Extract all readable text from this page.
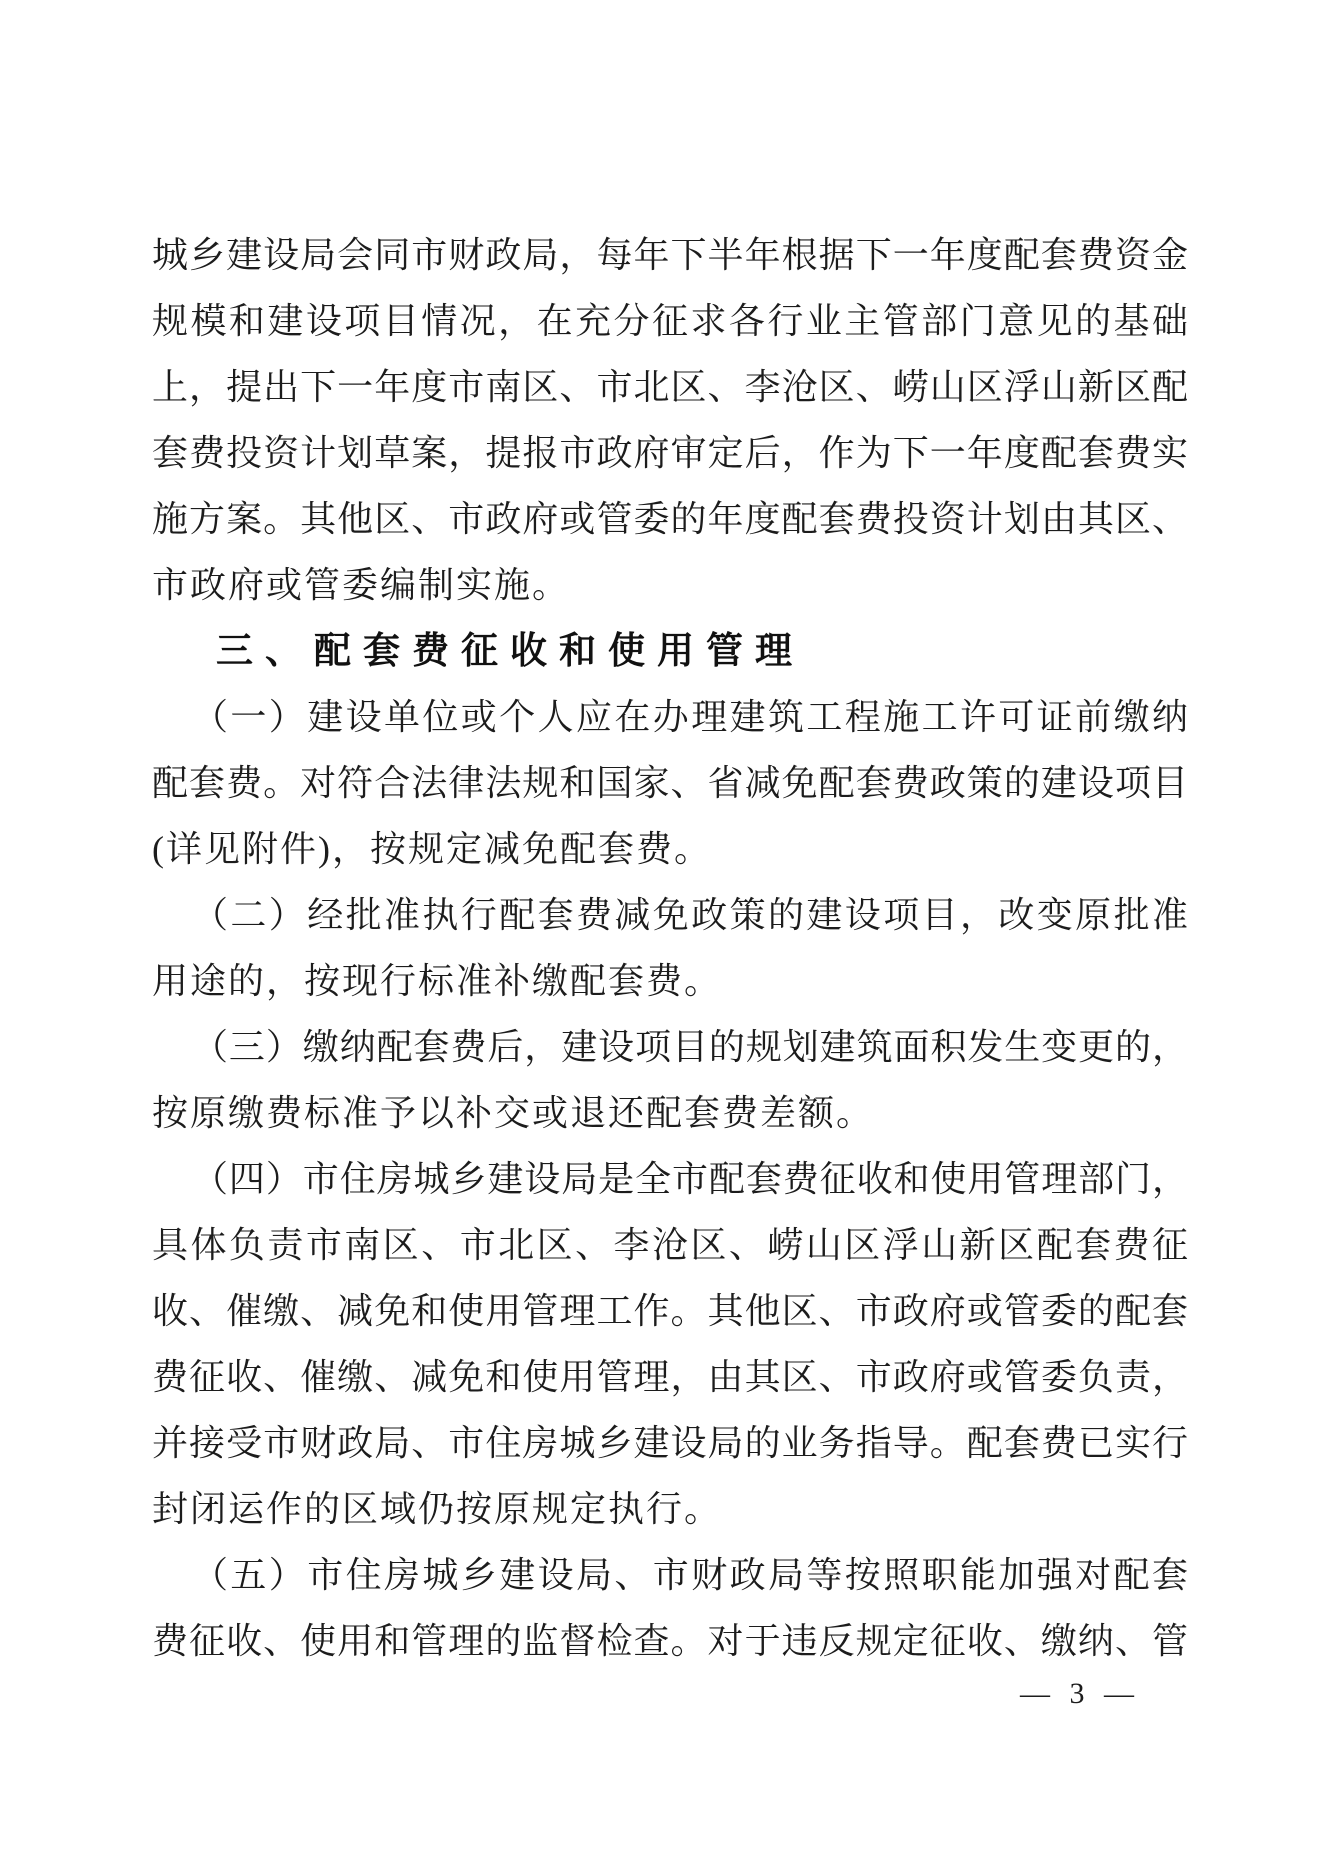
城乡建设局会同市财政局，每年下半年根据下一年度配套费资金
规模和建设项目情况，在充分征求各行业主管部门意见的基础
上，提出下一年度市南区、市北区、李沧区、崂山区浮山新区配
套费投资计划草案，提报市政府审定后，作为下一年度配套费实
施方案。其他区、市政府或管委的年度配套费投资计划由其区、
市政府或管委编制实施。
三、配套费征收和使用管理
（一）建设单位或个人应在办理建筑工程施工许可证前缴纳
配套费。对符合法律法规和国家、省减免配套费政策的建设项目
(详见附件)，按规定减免配套费。
（二）经批准执行配套费减免政策的建设项目，改变原批准
用途的，按现行标准补缴配套费。
（三）缴纳配套费后，建设项目的规划建筑面积发生变更的，
按原缴费标准予以补交或退还配套费差额。
（四）市住房城乡建设局是全市配套费征收和使用管理部门，
具体负责市南区、市北区、李沧区、崂山区浮山新区配套费征
收、催缴、减免和使用管理工作。其他区、市政府或管委的配套
费征收、催缴、减免和使用管理，由其区、市政府或管委负责，
并接受市财政局、市住房城乡建设局的业务指导。配套费已实行
封闭运作的区域仍按原规定执行。
（五）市住房城乡建设局、市财政局等按照职能加强对配套
费征收、使用和管理的监督检查。对于违反规定征收、缴纳、管
— 3 —
